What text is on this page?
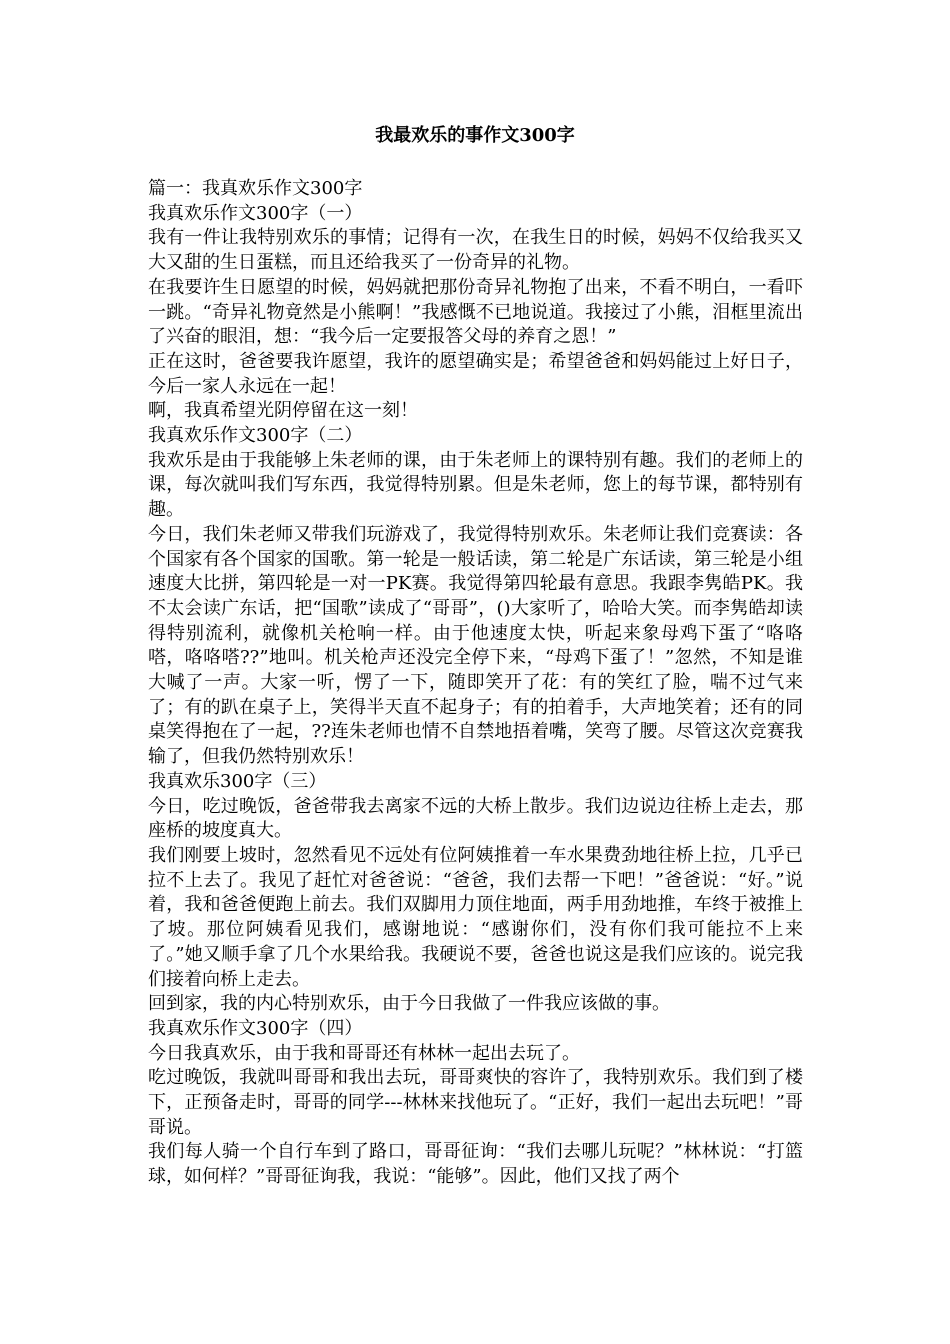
我最欢乐的事作文300字

篇一：我真欢乐作文300字

我真欢乐作文300字（一）

我有一件让我特别欢乐的事情；记得有一次，在我生日的时候，妈妈不仅给我买又大又甜的生日蛋糕，而且还给我买了一份奇异的礼物。

在我要许生日愿望的时候，妈妈就把那份奇异礼物抱了出来，不看不明白，一看吓一跳。“奇异礼物竟然是小熊啊！”我感慨不已地说道。我接过了小熊，泪框里流出了兴奋的眼泪，想：“我今后一定要报答父母的养育之恩！”

正在这时，爸爸要我许愿望，我许的愿望确实是；希望爸爸和妈妈能过上好日子，今后一家人永远在一起！

啊，我真希望光阴停留在这一刻！

我真欢乐作文300字（二）

我欢乐是由于我能够上朱老师的课，由于朱老师上的课特别有趣。我们的老师上的课，每次就叫我们写东西，我觉得特别累。但是朱老师，您上的每节课，都特别有趣。

今日，我们朱老师又带我们玩游戏了，我觉得特别欢乐。朱老师让我们竞赛读：各个国家有各个国家的国歌。第一轮是一般话读，第二轮是广东话读，第三轮是小组速度大比拼，第四轮是一对一PK赛。我觉得第四轮最有意思。我跟李隽皓PK。我不太会读广东话，把“国歌”读成了“哥哥”，()大家听了，哈哈大笑。而李隽皓却读得特别流利，就像机关枪响一样。由于他速度太快，听起来象母鸡下蛋了“咯咯嗒，咯咯嗒??”地叫。机关枪声还没完全停下来，“母鸡下蛋了！”忽然，不知是谁大喊了一声。大家一听，愣了一下，随即笑开了花：有的笑红了脸，喘不过气来了；有的趴在桌子上，笑得半天直不起身子；有的拍着手，大声地笑着；还有的同桌笑得抱在了一起，??连朱老师也情不自禁地捂着嘴，笑弯了腰。尽管这次竞赛我输了，但我仍然特别欢乐！

我真欢乐300字（三）

今日，吃过晚饭，爸爸带我去离家不远的大桥上散步。我们边说边往桥上走去，那座桥的坡度真大。

我们刚要上坡时，忽然看见不远处有位阿姨推着一车水果费劲地往桥上拉，几乎已拉不上去了。我见了赶忙对爸爸说：“爸爸，我们去帮一下吧！”爸爸说：“好。”说着，我和爸爸便跑上前去。我们双脚用力顶住地面，两手用劲地推，车终于被推上了坡。那位阿姨看见我们，感谢地说：“感谢你们，没有你们我可能拉不上来了。”她又顺手拿了几个水果给我。我硬说不要，爸爸也说这是我们应该的。说完我们接着向桥上走去。

回到家，我的内心特别欢乐，由于今日我做了一件我应该做的事。

我真欢乐作文300字（四）

今日我真欢乐，由于我和哥哥还有林林一起出去玩了。

吃过晚饭，我就叫哥哥和我出去玩，哥哥爽快的容许了，我特别欢乐。我们到了楼下，正预备走时，哥哥的同学---林林来找他玩了。“正好，我们一起出去玩吧！”哥哥说。

我们每人骑一个自行车到了路口，哥哥征询：“我们去哪儿玩呢？”林林说：“打篮球，如何样？”哥哥征询我，我说：“能够”。因此，他们又找了两个
